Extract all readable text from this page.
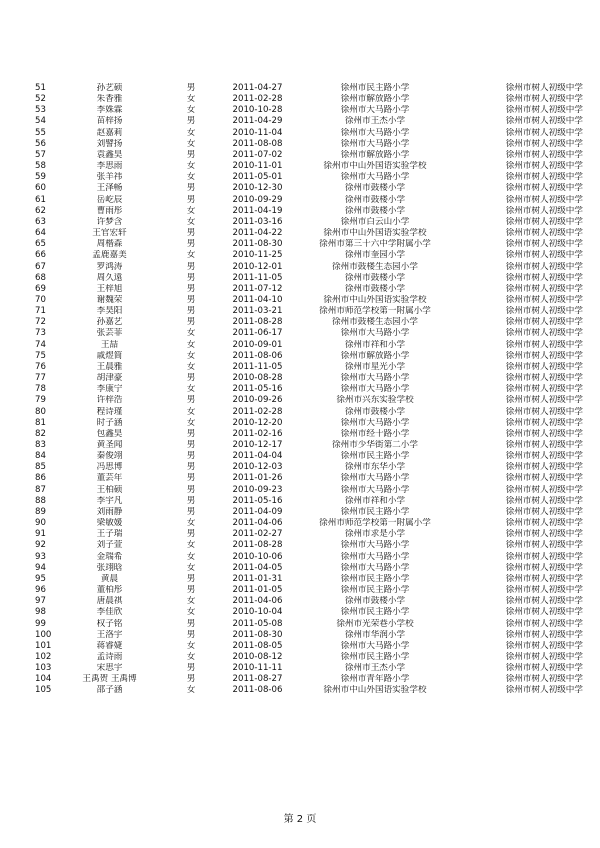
51	孙艺硕	男	2011-04-27	徐州市民主路小学	徐州市树人初级中学
52	朱香雅	女	2011-02-28	徐州市解放路小学	徐州市树人初级中学
53	李姝霖	女	2010-10-28	徐州市大马路小学	徐州市树人初级中学
54	苗梓扬	男	2011-04-29	徐州市王杰小学	徐州市树人初级中学
55	赵嘉莉	女	2010-11-04	徐州市大马路小学	徐州市树人初级中学
56	刘譬扬	女	2011-08-08	徐州市大马路小学	徐州市树人初级中学
57	袁鑫昊	男	2011-07-02	徐州市解放路小学	徐州市树人初级中学
58	李思雨	女	2010-11-01	徐州市中山外国语实验学校	徐州市树人初级中学
59	张羊祎	女	2011-05-01	徐州市大马路小学	徐州市树人初级中学
60	王泽畅	男	2010-12-30	徐州市鼓楼小学	徐州市树人初级中学
61	岳屹辰	男	2010-09-29	徐州市鼓楼小学	徐州市树人初级中学
62	曹雨彤	女	2011-04-19	徐州市鼓楼小学	徐州市树人初级中学
63	许梦含	女	2011-03-16	徐州市白云山小学	徐州市树人初级中学
64	王官宏轩	男	2011-04-22	徐州市中山外国语实验学校	徐州市树人初级中学
65	周楷森	男	2011-08-30	徐州市第三十六中学附属小学	徐州市树人初级中学
66	孟鹿嘉美	女	2010-11-25	徐州市奎园小学	徐州市树人初级中学
67	罗鸿涛	男	2010-12-01	徐州市鼓楼生态园小学	徐州市树人初级中学
68	周久遠	男	2011-11-05	徐州市鼓楼小学	徐州市树人初级中学
69	王梓旭	男	2011-07-12	徐州市鼓楼小学	徐州市树人初级中学
70	谢魏荣	男	2011-04-10	徐州市中山外国语实验学校	徐州市树人初级中学
71	李昊阳	男	2011-03-21	徐州市师范学校第一附属小学	徐州市树人初级中学
72	孙嘉艺	男	2011-08-28	徐州市鼓楼生态园小学	徐州市树人初级中学
73	张芸菲	女	2011-06-17	徐州市大马路小学	徐州市树人初级中学
74	王喆	女	2010-09-01	徐州市祥和小学	徐州市树人初级中学
75	戚煜简	女	2011-08-06	徐州市解放路小学	徐州市树人初级中学
76	王晨雅	女	2011-11-05	徐州市星光小学	徐州市树人初级中学
77	胡津豪	男	2010-08-28	徐州市大马路小学	徐州市树人初级中学
78	李康宁	女	2011-05-16	徐州市大马路小学	徐州市树人初级中学
79	许梓浩	男	2010-09-26	徐州市兴东实验学校	徐州市树人初级中学
80	程诗瑾	女	2011-02-28	徐州市鼓楼小学	徐州市树人初级中学
81	时子涵	女	2010-12-20	徐州市大马路小学	徐州市树人初级中学
82	包鑫昊	男	2011-02-16	徐州市经十路小学	徐州市树人初级中学
83	黄圣闻	男	2010-12-17	徐州市少华街第二小学	徐州市树人初级中学
84	秦俊翊	男	2011-04-04	徐州市民主路小学	徐州市树人初级中学
85	冯思博	男	2010-12-03	徐州市东华小学	徐州市树人初级中学
86	董芸年	男	2011-01-26	徐州市大马路小学	徐州市树人初级中学
87	王柏硕	男	2010-09-23	徐州市大马路小学	徐州市树人初级中学
88	李宇凡	男	2011-05-16	徐州市祥和小学	徐州市树人初级中学
89	刘雨静	男	2011-04-09	徐州市民主路小学	徐州市树人初级中学
90	梁敏媛	女	2011-04-06	徐州市师范学校第一附属小学	徐州市树人初级中学
91	王子瑞	男	2011-02-27	徐州市求是小学	徐州市树人初级中学
92	刘子萱	女	2011-08-28	徐州市大马路小学	徐州市树人初级中学
93	金瑞希	女	2010-10-06	徐州市大马路小学	徐州市树人初级中学
94	张翊晗	女	2011-04-05	徐州市大马路小学	徐州市树人初级中学
95	黄晨	男	2011-01-31	徐州市民主路小学	徐州市树人初级中学
96	董柏彤	男	2011-01-05	徐州市民主路小学	徐州市树人初级中学
97	唐晨祺	女	2011-04-06	徐州市鼓楼小学	徐州市树人初级中学
98	李佳欣	女	2010-10-04	徐州市民主路小学	徐州市树人初级中学
99	权子铭	男	2011-05-08	徐州市光荣巷小学校	徐州市树人初级中学
100	王洛宇	男	2011-08-30	徐州市华润小学	徐州市树人初级中学
101	蒋睿婕	女	2011-08-05	徐州市大马路小学	徐州市树人初级中学
102	孟诗雨	女	2010-08-12	徐州市民主路小学	徐州市树人初级中学
103	宋思宇	男	2010-11-11	徐州市王杰小学	徐州市树人初级中学
104	王禹贺 王禹博	男	2011-08-27	徐州市青年路小学	徐州市树人初级中学
105	邵子涵	女	2011-08-06	徐州市中山外国语实验学校	徐州市树人初级中学
第 2 页
